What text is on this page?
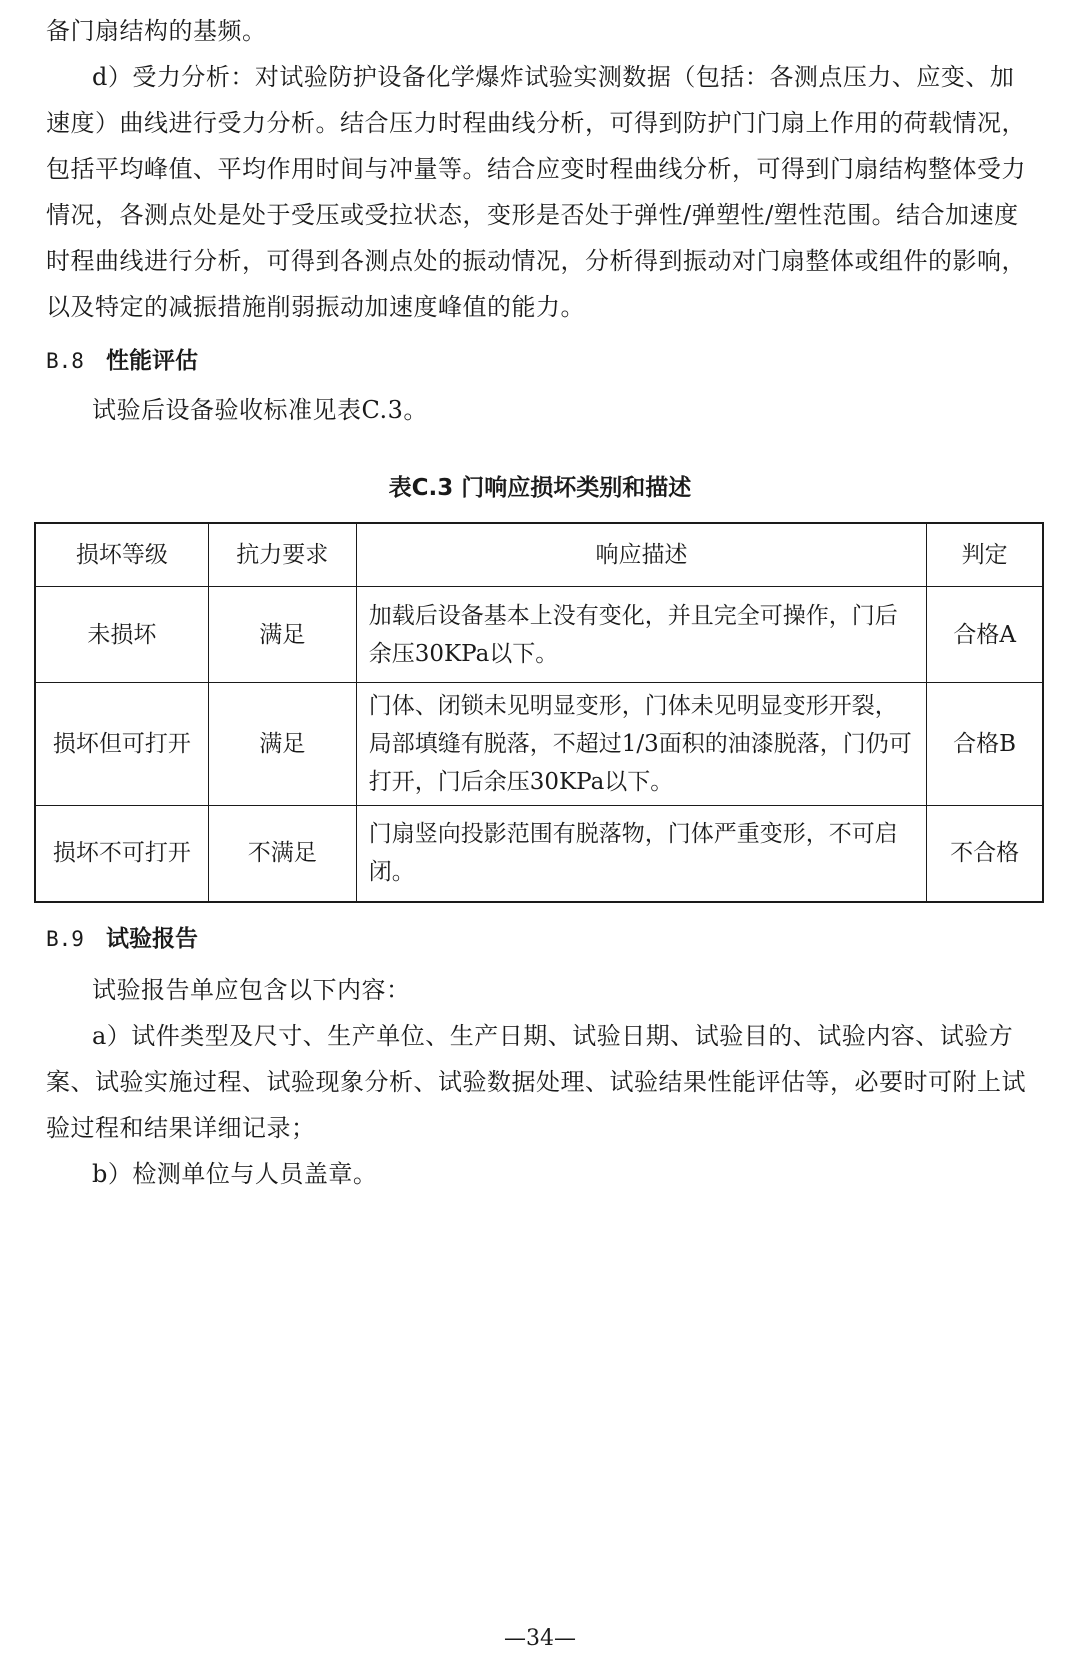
备门扇结构的基频。
d）受力分析：对试验防护设备化学爆炸试验实测数据（包括：各测点压力、应变、加
速度）曲线进行受力分析。结合压力时程曲线分析，可得到防护门门扇上作用的荷载情况，
包括平均峰值、平均作用时间与冲量等。结合应变时程曲线分析，可得到门扇结构整体受力
情况，各测点处是处于受压或受拉状态，变形是否处于弹性/弹塑性/塑性范围。结合加速度
时程曲线进行分析，可得到各测点处的振动情况，分析得到振动对门扇整体或组件的影响，
以及特定的减振措施削弱振动加速度峰值的能力。
B.8 性能评估
试验后设备验收标准见表C.3。
表C.3 门响应损坏类别和描述
损坏等级	抗力要求	响应描述	判定
未损坏	满足	加载后设备基本上没有变化，并且完全可操作，门后余压30KPa以下。	合格A
损坏但可打开	满足	门体、闭锁未见明显变形，门体未见明显变形开裂，局部填缝有脱落，不超过1/3面积的油漆脱落，门仍可打开，门后余压30KPa以下。	合格B
损坏不可打开	不满足	门扇竖向投影范围有脱落物，门体严重变形，不可启闭。	不合格
B.9 试验报告
试验报告单应包含以下内容：
a）试件类型及尺寸、生产单位、生产日期、试验日期、试验目的、试验内容、试验方
案、试验实施过程、试验现象分析、试验数据处理、试验结果性能评估等，必要时可附上试
验过程和结果详细记录；
b）检测单位与人员盖章。
—34—
